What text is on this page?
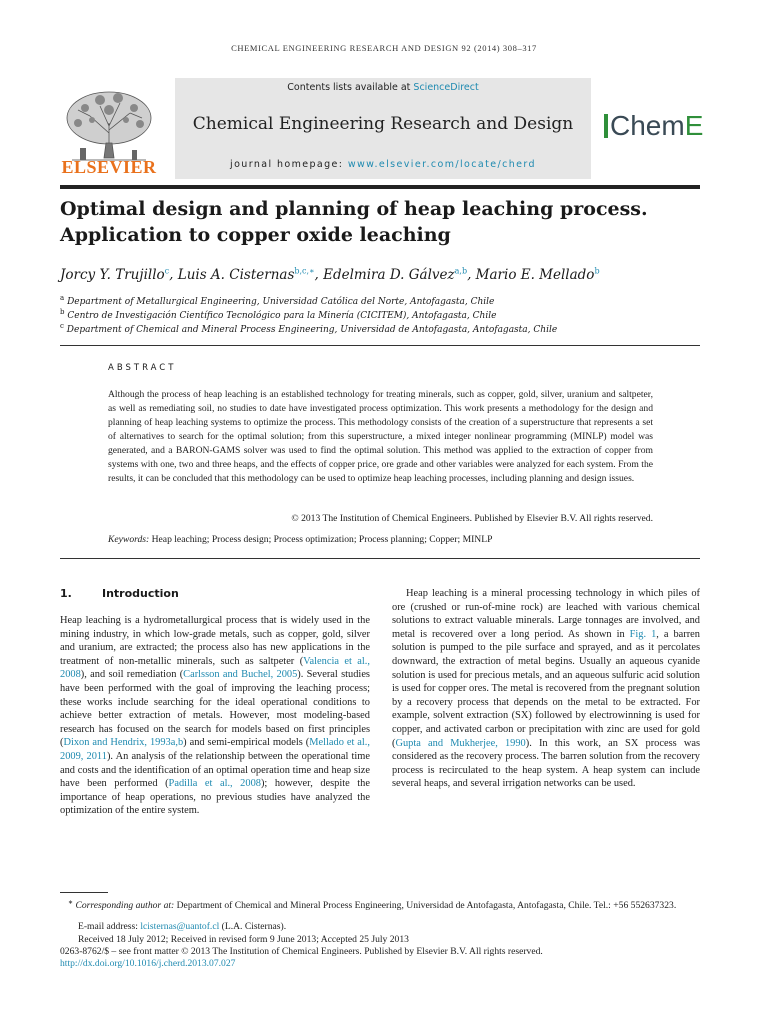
CHEMICAL ENGINEERING RESEARCH AND DESIGN 92 (2014) 308–317
ELSEVIER
Contents lists available at ScienceDirect
Chemical Engineering Research and Design
journal homepage: www.elsevier.com/locate/cherd
ChemE
Optimal design and planning of heap leaching process.
Application to copper oxide leaching
Jorcy Y. Trujillo$^c$, Luis A. Cisternas$^{b,c,∗}$, Edelmira D. Gálvez$^{a,b}$, Mario E. Mellado$^b$
$^a$ Department of Metallurgical Engineering, Universidad Católica del Norte, Antofagasta, Chile
$^b$ Centro de Investigación Científico Tecnológico para la Minería (CICITEM), Antofagasta, Chile
$^c$ Department of Chemical and Mineral Process Engineering, Universidad de Antofagasta, Antofagasta, Chile
ABSTRACT
Although the process of heap leaching is an established technology for treating minerals, such as copper, gold, silver, uranium and saltpeter, as well as remediating soil, no studies to date have investigated process optimization. This work presents a methodology for the design and planning of heap leaching systems to optimize the process. This methodology consists of the creation of a superstructure that represents a set of alternatives to search for the optimal solution; from this superstructure, a mixed integer nonlinear programming (MINLP) model was generated, and a BARON-GAMS solver was used to find the optimal solution. This method was applied to the extraction of copper from systems with one, two and three heaps, and the effects of copper price, ore grade and other variables were analyzed for each system. From the results, it can be concluded that this methodology can be used to optimize heap leaching processes, including planning and design issues.
© 2013 The Institution of Chemical Engineers. Published by Elsevier B.V. All rights reserved.
Keywords: Heap leaching; Process design; Process optimization; Process planning; Copper; MINLP
1.	Introduction
Heap leaching is a hydrometallurgical process that is widely used in the mining industry, in which low-grade metals, such as copper, gold, silver and uranium, are extracted; the process also has new applications in the treatment of non-metallic minerals, such as saltpeter (Valencia et al., 2008), and soil remediation (Carlsson and Buchel, 2005). Several studies have been performed with the goal of improving the leaching process; these works include searching for the ideal operational conditions to achieve better extraction of metals. However, most modeling-based research has focused on the search for models based on first principles (Dixon and Hendrix, 1993a,b) and semi-empirical models (Mellado et al., 2009, 2011). An analysis of the relationship between the operational time and costs and the identification of an optimal operation time and heap size have been performed (Padilla et al., 2008); however, despite the importance of heap operations, no previous studies have analyzed the optimization of the entire system.
Heap leaching is a mineral processing technology in which piles of ore (crushed or run-of-mine rock) are leached with various chemical solutions to extract valuable minerals. Large tonnages are involved, and metal is recovered over a long period. As shown in Fig. 1, a barren solution is pumped to the pile surface and sprayed, and as it percolates downward, the extraction of metal begins. Usually an aqueous cyanide solution is used for precious metals, and an aqueous sulfuric acid solution is used for copper ores. The metal is recovered from the pregnant solution by a recovery process that depends on the metal to be extracted. For example, solvent extraction (SX) followed by electrowinning is used for copper, and activated carbon or precipitation with zinc are used for gold (Gupta and Mukherjee, 1990). In this work, an SX process was considered as the recovery process. The barren solution from the recovery process is recirculated to the heap system. A heap system can include several heaps, and several irrigation networks can be used.
∗ Corresponding author at: Department of Chemical and Mineral Process Engineering, Universidad de Antofagasta, Antofagasta, Chile. Tel.: +56 552637323.
E-mail address: lcisternas@uantof.cl (L.A. Cisternas).
Received 18 July 2012; Received in revised form 9 June 2013; Accepted 25 July 2013
0263-8762/$ – see front matter © 2013 The Institution of Chemical Engineers. Published by Elsevier B.V. All rights reserved.
http://dx.doi.org/10.1016/j.cherd.2013.07.027
